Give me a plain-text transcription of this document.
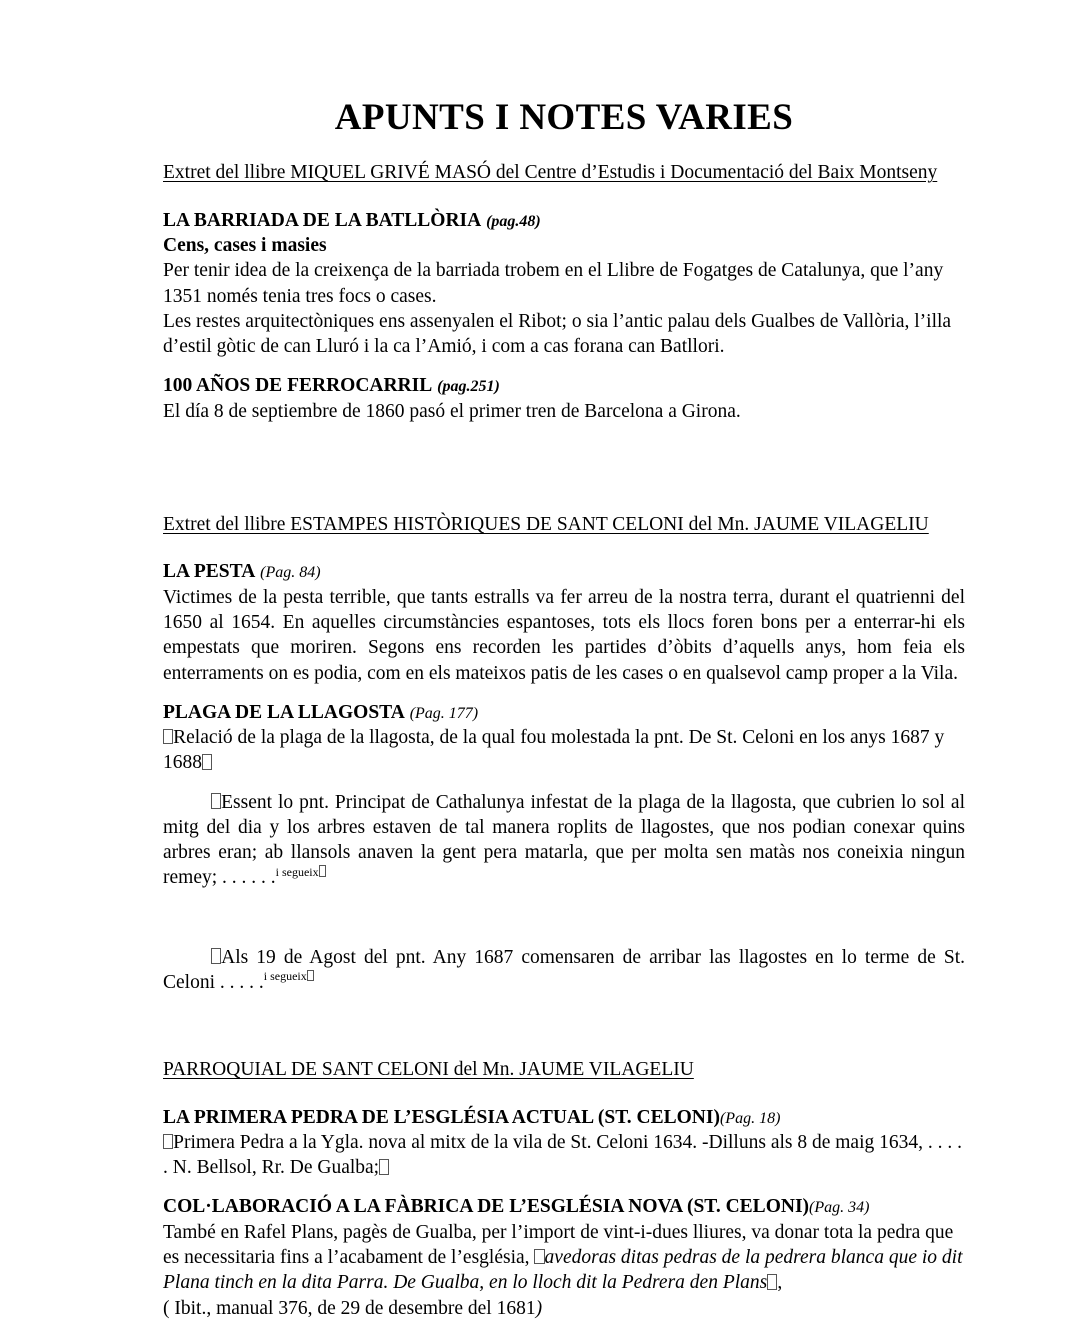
APUNTS I NOTES VARIES

Extret del llibre MIQUEL GRIVÉ MASÓ del Centre d’Estudis i Documentació del Baix Montseny

LA BARRIADA DE LA BATLLÒRIA (pag.48)

Cens, cases i masies

Per tenir idea de la creixença de la barriada trobem en el Llibre de Fogatges de Catalunya, que l’any 1351 només tenia tres focs o cases.

Les restes arquitectòniques ens assenyalen el Ribot; o sia l’antic palau dels Gualbes de Vallòria, l’illa d’estil gòtic de can Lluró i la ca l’Amió, i com a cas forana can Batllori.

100 AÑOS DE FERROCARRIL (pag.251)

El día 8 de septiembre de 1860 pasó el primer tren de Barcelona a Girona.

Extret del llibre ESTAMPES HISTÒRIQUES DE SANT CELONI del Mn. JAUME VILAGELIU

LA PESTA (Pag. 84)

Victimes de la pesta terrible, que tants estralls va fer arreu de la nostra terra, durant el quatrienni del 1650 al 1654. En aquelles circumstàncies espantoses, tots els llocs foren bons per a enterrar-hi els empestats que moriren. Segons ens recorden les partides d’òbits d’aquells anys, hom feia els enterraments on es podia, com en els mateixos patis de les cases o en qualsevol camp proper a la Vila.

PLAGA DE LA LLAGOSTA (Pag. 177)

Relació de la plaga de la llagosta, de la qual fou molestada la pnt. De St. Celoni en los anys 1687 y 1688

Essent lo pnt. Principat de Cathalunya infestat de la plaga de la llagosta, que cubrien lo sol al mitg del dia y los arbres estaven de tal manera roplits de llagostes, que nos podian conexar quins arbres eran; ab llansols anaven la gent pera matarla, que per molta sen matàs nos coneixia ningun remey; . . . . . .$^{i segueix}$

Als 19 de Agost del pnt. Any 1687 comensaren de arribar las llagostes en lo terme de St. Celoni . . . . .$^{i segueix}$

PARROQUIAL DE SANT CELONI del Mn. JAUME VILAGELIU

LA PRIMERA PEDRA DE L’ESGLÉSIA ACTUAL (ST. CELONI)(Pag. 18)

Primera Pedra a la Ygla. nova al mitx de la vila de St. Celoni 1634. -Dilluns als 8 de maig 1634, . . . . . N. Bellsol, Rr. De Gualba;

COL·LABORACIÓ A LA FÀBRICA DE L’ESGLÉSIA NOVA (ST. CELONI)(Pag. 34)

També en Rafel Plans, pagès de Gualba, per l’import de vint-i-dues lliures, va donar tota la pedra que es necessitaria fins a l’acabament de l’església, avedoras ditas pedras de la pedrera blanca que io dit Plana tinch en la dita Parra. De Gualba, en lo lloch dit la Pedrera den Plans ,

( Ibit., manual 376, de 29 de desembre del 1681)
